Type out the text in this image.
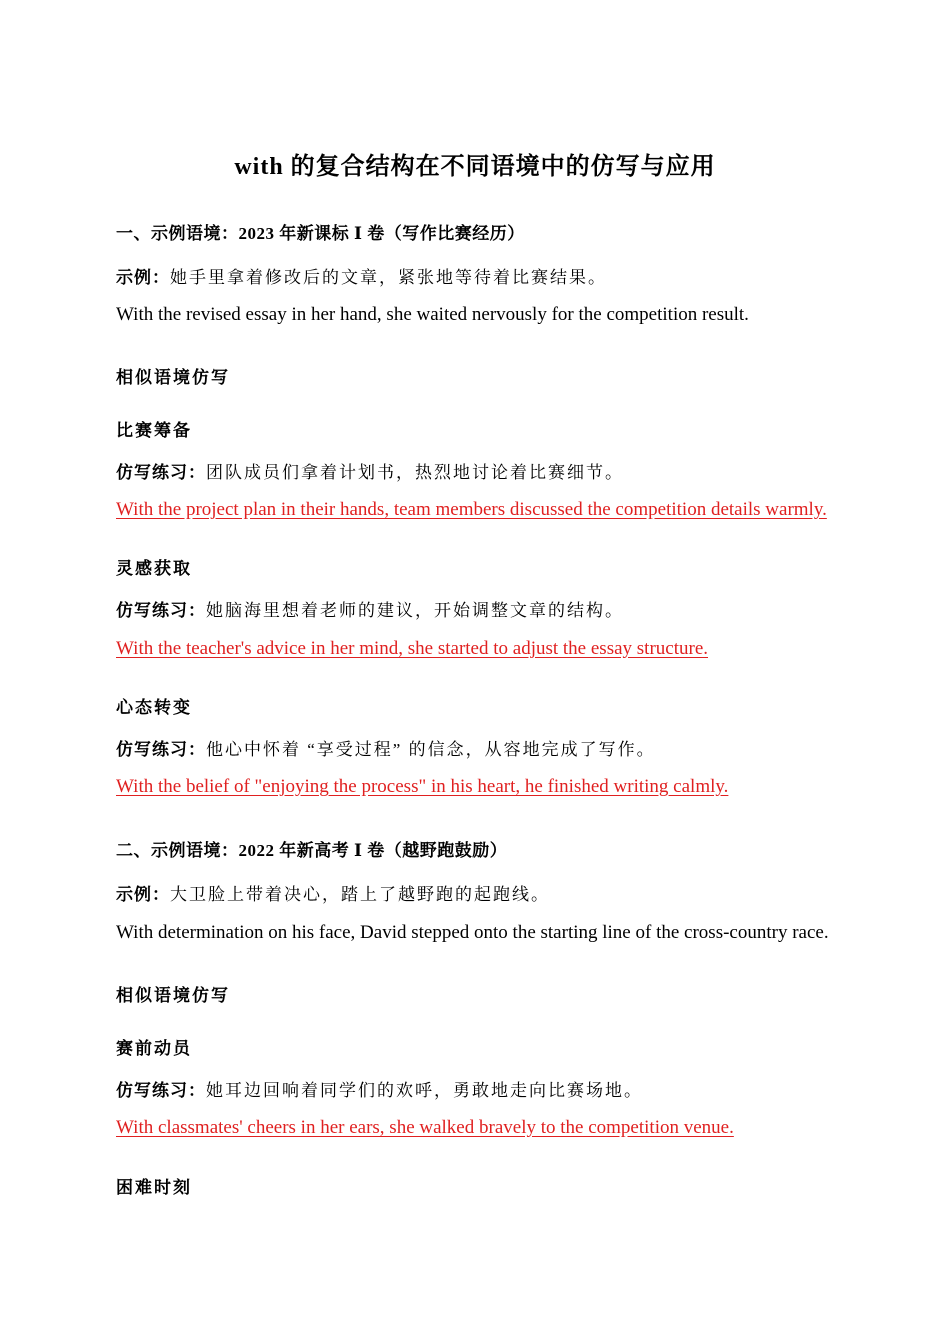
with 的复合结构在不同语境中的仿写与应用
一、示例语境：2023 年新课标 Ⅰ 卷（写作比赛经历）
示例：她手里拿着修改后的文章，紧张地等待着比赛结果。
With the revised essay in her hand, she waited nervously for the competition result.
相似语境仿写
比赛筹备
仿写练习：团队成员们拿着计划书，热烈地讨论着比赛细节。
With the project plan in their hands, team members discussed the competition details warmly.
灵感获取
仿写练习：她脑海里想着老师的建议，开始调整文章的结构。
With the teacher's advice in her mind, she started to adjust the essay structure.
心态转变
仿写练习：他心中怀着 “享受过程” 的信念，从容地完成了写作。
With the belief of "enjoying the process" in his heart, he finished writing calmly.
二、示例语境：2022 年新高考 Ⅰ 卷（越野跑鼓励）
示例：大卫脸上带着决心，踏上了越野跑的起跑线。
With determination on his face, David stepped onto the starting line of the cross-country race.
相似语境仿写
赛前动员
仿写练习：她耳边回响着同学们的欢呼，勇敢地走向比赛场地。
With classmates' cheers in her ears, she walked bravely to the competition venue.
困难时刻
